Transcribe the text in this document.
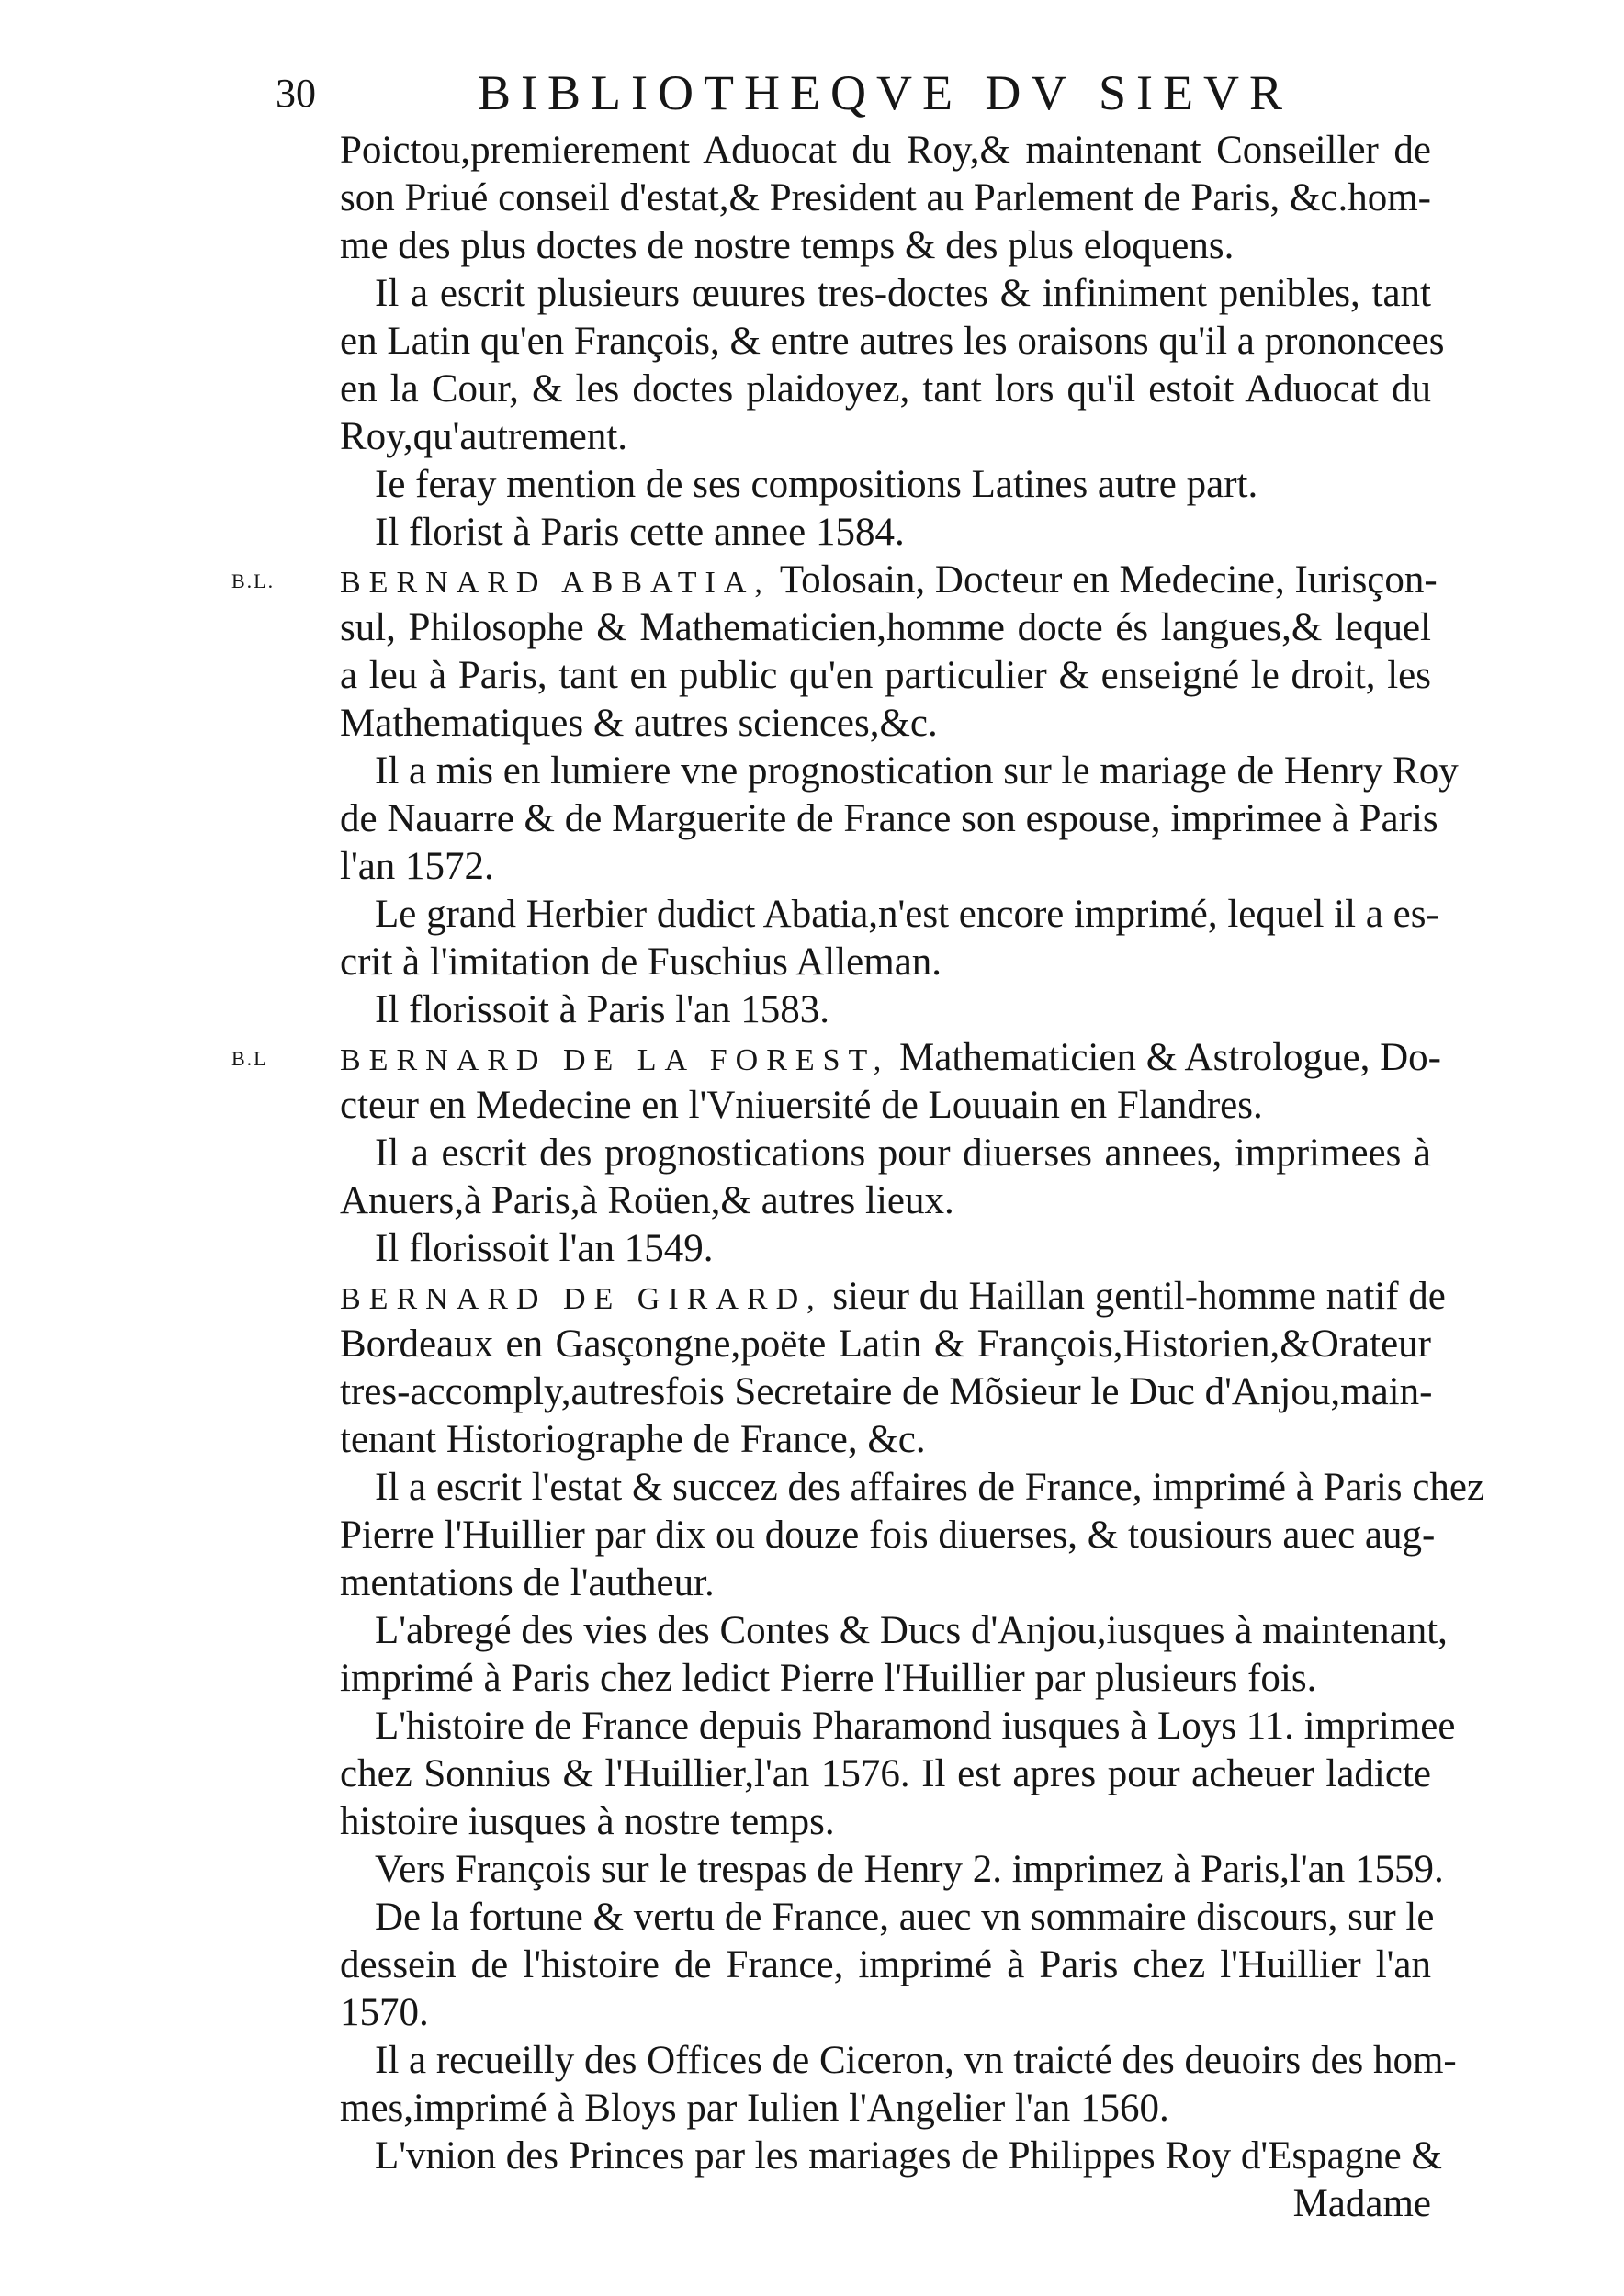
30	BIBLIOTHEQVE DV SIEVR
Poictou,premierement Aduocat du Roy,& maintenant Conseiller de
son Priué conseil d'estat,& President au Parlement de Paris, &c.hom-
me des plus doctes de nostre temps & des plus eloquens.
Il a escrit plusieurs œuures tres-doctes & infiniment penibles, tant
en Latin qu'en François, & entre autres les oraisons qu'il a prononcees
en la Cour, & les doctes plaidoyez, tant lors qu'il estoit Aduocat du
Roy,qu'autrement.
Ie feray mention de ses compositions Latines autre part.
Il florist à Paris cette annee 1584.
B.L. BERNARD ABBATIA, Tolosain, Docteur en Medecine, Iurisçon-
sul, Philosophe & Mathematicien,homme docte és langues,& lequel
a leu à Paris, tant en public qu'en particulier & enseigné le droit, les
Mathematiques & autres sciences,&c.
Il a mis en lumiere vne prognostication sur le mariage de Henry Roy
de Nauarre & de Marguerite de France son espouse, imprimee à Paris
l'an 1572.
Le grand Herbier dudict Abatia,n'est encore imprimé, lequel il a es-
crit à l'imitation de Fuschius Alleman.
Il florissoit à Paris l'an 1583.
B.L BERNARD DE LA FOREST, Mathematicien & Astrologue, Do-
cteur en Medecine en l'Vniuersité de Louuain en Flandres.
Il a escrit des prognostications pour diuerses annees, imprimees à
Anuers,à Paris,à Roüen,& autres lieux.
Il florissoit l'an 1549.
BERNARD DE GIRARD, sieur du Haillan gentil-homme natif de
Bordeaux en Gasçongne,poëte Latin & François,Historien,&Orateur
tres-accomply,autresfois Secretaire de Mõsieur le Duc d'Anjou,main-
tenant Historiographe de France, &c.
Il a escrit l'estat & succez des affaires de France, imprimé à Paris chez
Pierre l'Huillier par dix ou douze fois diuerses, & tousiours auec aug-
mentations de l'autheur.
L'abregé des vies des Contes & Ducs d'Anjou,iusques à maintenant,
imprimé à Paris chez ledict Pierre l'Huillier par plusieurs fois.
L'histoire de France depuis Pharamond iusques à Loys 11. imprimee
chez Sonnius & l'Huillier,l'an 1576. Il est apres pour acheuer ladicte
histoire iusques à nostre temps.
Vers François sur le trespas de Henry 2. imprimez à Paris,l'an 1559.
De la fortune & vertu de France, auec vn sommaire discours, sur le
dessein de l'histoire de France, imprimé à Paris chez l'Huillier l'an
1570.
Il a recueilly des Offices de Ciceron, vn traicté des deuoirs des hom-
mes,imprimé à Bloys par Iulien l'Angelier l'an 1560.
L'vnion des Princes par les mariages de Philippes Roy d'Espagne &
Madame
